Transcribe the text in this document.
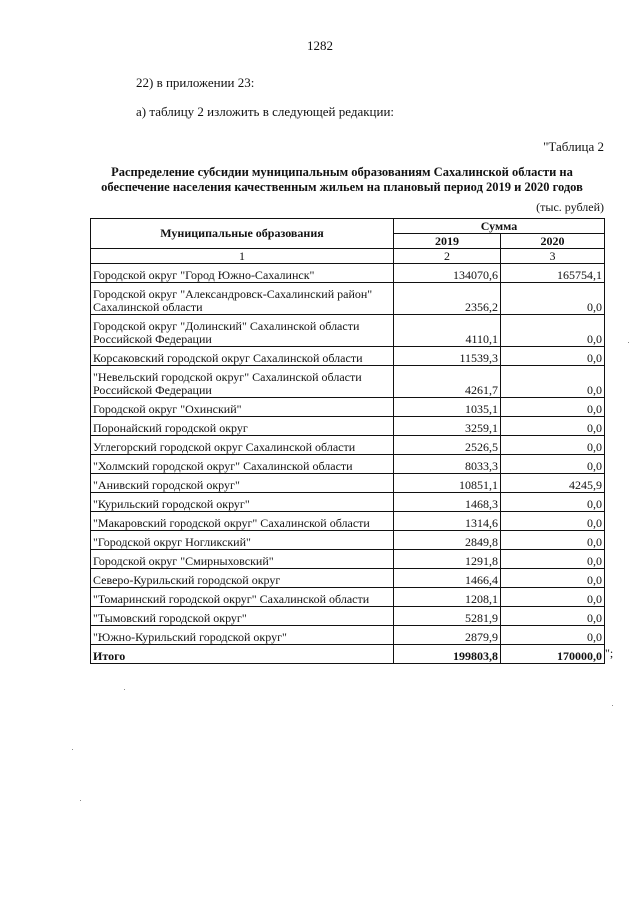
1282
22) в приложении 23:
а) таблицу 2 изложить в следующей редакции:
"Таблица 2
Распределение субсидии муниципальным образованиям Сахалинской области на
обеспечение населения качественным жильем на плановый период 2019 и 2020 годов
(тыс. рублей)
Муниципальные образования	Сумма	
	2019	2020
1	2	3

Городской округ "Город Южно-Сахалинск"	134070,6	165754,1

Городской округ "Александровск-Сахалинский район"
Сахалинской области	2356,2	0,0

Городской округ "Долинский" Сахалинской области
Российской Федерации	4110,1	0,0

Корсаковский городской округ Сахалинской области	11539,3	0,0

"Невельский городской округ" Сахалинской области
Российской Федерации	4261,7	0,0

Городской округ "Охинский"	1035,1	0,0

Поронайский городской округ	3259,1	0,0

Углегорский городской округ Сахалинской области	2526,5	0,0

"Холмский городской округ" Сахалинской области	8033,3	0,0

"Анивский городской округ"	10851,1	4245,9

"Курильский городской округ"	1468,3	0,0

"Макаровский городской округ" Сахалинской области	1314,6	0,0

"Городской округ Ногликский"	2849,8	0,0

Городской округ "Смирныховский"	1291,8	0,0

Северо-Курильский городской округ	1466,4	0,0

"Томаринский городской округ" Сахалинской области	1208,1	0,0

"Тымовский городской округ"	5281,9	0,0

"Южно-Курильский городской округ"	2879,9	0,0
Итого	199803,8	170000,0 ";
